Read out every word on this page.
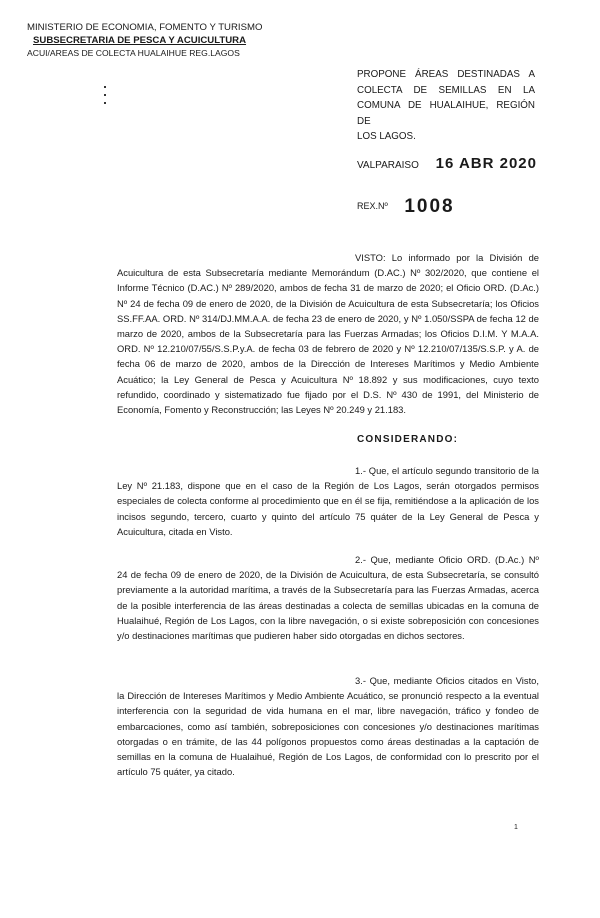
MINISTERIO DE ECONOMIA, FOMENTO Y TURISMO
SUBSECRETARIA DE PESCA Y ACUICULTURA
ACUI/AREAS DE COLECTA HUALAIHUE REG.LAGOS
PROPONE ÁREAS DESTINADAS A
COLECTA DE SEMILLAS EN LA
COMUNA DE HUALAIHUE, REGIÓN DE
LOS LAGOS.
VALPARAISO 16 ABR 2020
REX.Nº 1008

VISTO: Lo informado por la División de Acuicultura de esta Subsecretaría mediante Memorándum (D.AC.) Nº 302/2020, que contiene el Informe Técnico (D.AC.) Nº 289/2020, ambos de fecha 31 de marzo de 2020; el Oficio ORD. (D.Ac.) Nº 24 de fecha 09 de enero de 2020, de la División de Acuicultura de esta Subsecretaría; los Oficios SS.FF.AA. ORD. Nº 314/DJ.MM.A.A. de fecha 23 de enero de 2020, y Nº 1.050/SSPA de fecha 12 de marzo de 2020, ambos de la Subsecretaría para las Fuerzas Armadas; los Oficios D.I.M. Y M.A.A. ORD. Nº 12.210/07/55/S.S.P.y.A. de fecha 03 de febrero de 2020 y Nº 12.210/07/135/S.S.P. y A. de fecha 06 de marzo de 2020, ambos de la Dirección de Intereses Marítimos y Medio Ambiente Acuático; la Ley General de Pesca y Acuicultura Nº 18.892 y sus modificaciones, cuyo texto refundido, coordinado y sistematizado fue fijado por el D.S. Nº 430 de 1991, del Ministerio de Economía, Fomento y Reconstrucción; las Leyes Nº 20.249 y 21.183.

CONSIDERANDO:

1.- Que, el artículo segundo transitorio de la Ley Nº 21.183, dispone que en el caso de la Región de Los Lagos, serán otorgados permisos especiales de colecta conforme al procedimiento que en él se fija, remitiéndose a la aplicación de los incisos segundo, tercero, cuarto y quinto del artículo 75 quáter de la Ley General de Pesca y Acuicultura, citada en Visto.

2.- Que, mediante Oficio ORD. (D.Ac.) Nº 24 de fecha 09 de enero de 2020, de la División de Acuicultura, de esta Subsecretaría, se consultó previamente a la autoridad marítima, a través de la Subsecretaría para las Fuerzas Armadas, acerca de la posible interferencia de las áreas destinadas a colecta de semillas ubicadas en la comuna de Hualaihué, Región de Los Lagos, con la libre navegación, o si existe sobreposición con concesiones y/o destinaciones marítimas que pudieren haber sido otorgadas en dichos sectores.

3.- Que, mediante Oficios citados en Visto, la Dirección de Intereses Marítimos y Medio Ambiente Acuático, se pronunció respecto a la eventual interferencia con la seguridad de vida humana en el mar, libre navegación, tráfico y fondeo de embarcaciones, como así también, sobreposiciones con concesiones y/o destinaciones marítimas otorgadas o en trámite, de las 44 polígonos propuestos como áreas destinadas a la captación de semillas en la comuna de Hualaihué, Región de Los Lagos, de conformidad con lo prescrito por el artículo 75 quáter, ya citado.

1
